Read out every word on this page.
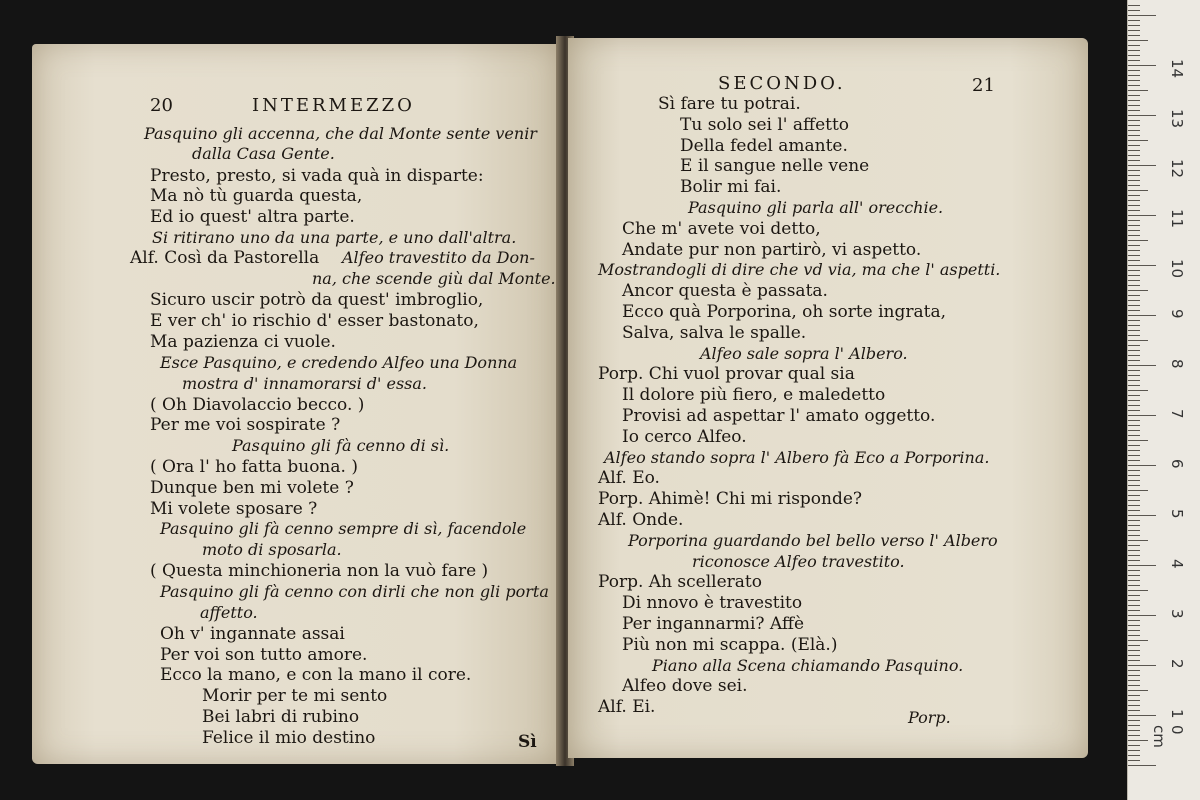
20	INTERMEZZO
Sì
Pasquino gli accenna, che dal Monte sente venir
dalla Casa Gente.
Presto, presto, si vada quà in disparte:
Ma nò tù guarda questa,
Ed io quest' altra parte.
Si ritirano uno da una parte, e uno dall'altra.
Alf. Così da Pastorella Alfeo travestito da Don-
na, che scende giù dal Monte.
Sicuro uscir potrò da quest' imbroglio,
E ver ch' io rischio d' esser bastonato,
Ma pazienza ci vuole.
Esce Pasquino, e credendo Alfeo una Donna
mostra d' innamorarsi d' essa.
( Oh Diavolaccio becco. )
Per me voi sospirate ?
Pasquino gli fà cenno di sì.
( Ora l' ho fatta buona. )
Dunque ben mi volete ?
Mi volete sposare ?
Pasquino gli fà cenno sempre di sì, facendole
moto di sposarla.
( Questa minchioneria non la vuò fare )
Pasquino gli fà cenno con dirli che non gli porta
affetto.
Oh v' ingannate assai
Per voi son tutto amore.
Ecco la mano, e con la mano il core.
Morir per te mi sento
Bei labri di rubino
Felice il mio destino
SECONDO.	21
Porp.
Sì fare tu potrai.
Tu solo sei l' affetto
Della fedel amante.
E il sangue nelle vene
Bolir mi fai.
Pasquino gli parla all' orecchie.
Che m' avete voi detto,
Andate pur non partirò, vi aspetto.
Mostrandogli di dire che vd via, ma che l' aspetti.
Ancor questa è passata.
Ecco quà Porporina, oh sorte ingrata,
Salva, salva le spalle.
Alfeo sale sopra l' Albero.
Porp. Chi vuol provar qual sia
Il dolore più fiero, e maledetto
Provisi ad aspettar l' amato oggetto.
Io cerco Alfeo.
Alfeo stando sopra l' Albero fà Eco a Porporina.
Alf. Eo.
Porp. Ahimè! Chi mi risponde?
Alf. Onde.
Porporina guardando bel bello verso l' Albero
riconosce Alfeo travestito.
Porp. Ah scellerato
Di nnovo è travestito
Per ingannarmi? Affè
Più non mi scappa. (Elà.)
Piano alla Scena chiamando Pasquino.
Alfeo dove sei.
Alf. Ei.
0 cm
1
2
3
4
5
6
7
8
9
10
11
12
13
14
